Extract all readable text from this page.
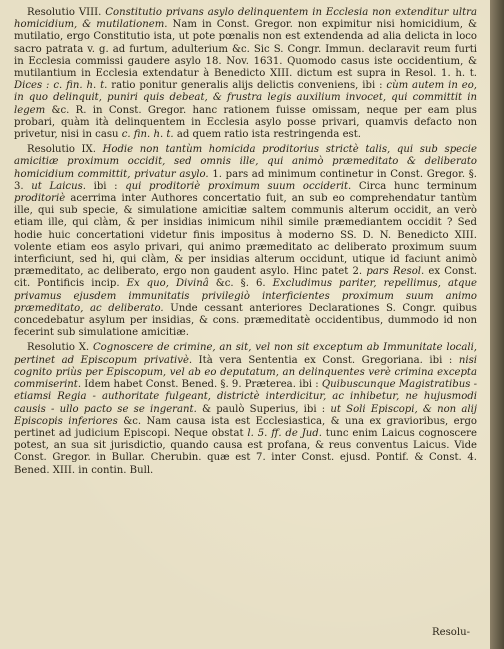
Resolutio VIII. Constitutio privans asylo delinquentem in Ecclesia non extenditur ultra homicidium, & mutilationem. Nam in Const. Gregor. non expimitur nisi homicidium, & mutilatio, ergo Constitutio ista, ut pote pœnalis non est extendenda ad alia delicta in loco sacro patrata v. g. ad furtum, adulterium &c. Sic S. Congr. Immun. declaravit reum furti in Ecclesia commissi gaudere asylo 18. Nov. 1631. Quomodo casus iste occidentium, & mutilantium in Ecclesia extendatur à Benedicto XIII. dictum est supra in Resol. 1. h. t. Dices : c. fin. h. t. ratio ponitur generalis alijs delictis conveniens, ibi : cùm autem in eo, in quo delinquit, puniri quis debeat, & frustra legis auxilium invocet, qui committit in legem &c. R. in Const. Gregor. hanc rationem fuisse omissam, neque per eam plus probari, quàm ità delinquentem in Ecclesia asylo posse privari, quamvis defacto non privetur, nisi in casu c. fin. h. t. ad quem ratio ista restringenda est.

Resolutio IX. Hodie non tantùm homicida proditorius strictè talis, qui sub specie amicitiæ proximum occidit, sed omnis ille, qui animò præmeditato & deliberato homicidium committit, privatur asylo. 1. pars ad minimum continetur in Const. Gregor. §. 3. ut Laicus. ibi : qui proditoriè proximum suum occiderit. Circa hunc terminum proditoriè acerrima inter Authores concertatio fuit, an sub eo comprehendatur tantùm ille, qui sub specie, & simulatione amicitiæ saltem communis alterum occidit, an verò etiam ille, qui clàm, & per insidias inimicum nihil simile præmediantem occidit ? Sed hodie huic concertationi videtur finis impositus à moderno SS. D. N. Benedicto XIII. volente etiam eos asylo privari, qui animo præmeditato ac deliberato proximum suum interficiunt, sed hi, qui clàm, & per insidias alterum occidunt, utique id faciunt animò præmeditato, ac deliberato, ergo non gaudent asylo. Hinc patet 2. pars Resol. ex Const. cit. Pontificis incip. Ex quo, Divinâ &c. §. 6. Excludimus pariter, repellimus, atque privamus ejusdem immunitatis privilegiò interficientes proximum suum animo præmeditato, ac deliberato. Unde cessant anteriores Declarationes S. Congr. quibus concedebatur asylum per insidias, & cons. præmeditatè occidentibus, dummodo id non fecerint sub simulatione amicitiæ.

Resolutio X. Cognoscere de crimine, an sit, vel non sit exceptum ab Immunitate locali, pertinet ad Episcopum privativè. Ità vera Sententia ex Const. Gregoriana. ibi : nisi cognito priùs per Episcopum, vel ab eo deputatum, an delinquentes verè crimina excepta commiserint. Idem habet Const. Bened. §. 9. Præterea. ibi : Quibuscunque Magistratibus - etiamsi Regia - authoritate fulgeant, districtè interdicitur, ac inhibetur, ne hujusmodi causis - ullo pacto se se ingerant. & paulò Superius, ibi : ut Soli Episcopi, & non alij Episcopis inferiores &c. Nam causa ista est Ecclesiastica, & una ex gravioribus, ergo pertinet ad judicium Episcopi. Neque obstat l. 5. ff. de Jud. tunc enim Laicus cognoscere potest, an sua sit jurisdictio, quando causa est profana, & reus conventus Laicus. Vide Const. Gregor. in Bullar. Cherubin. quæ est 7. inter Const. ejusd. Pontif. & Const. 4. Bened. XIII. in contin. Bull.

Resolu-
